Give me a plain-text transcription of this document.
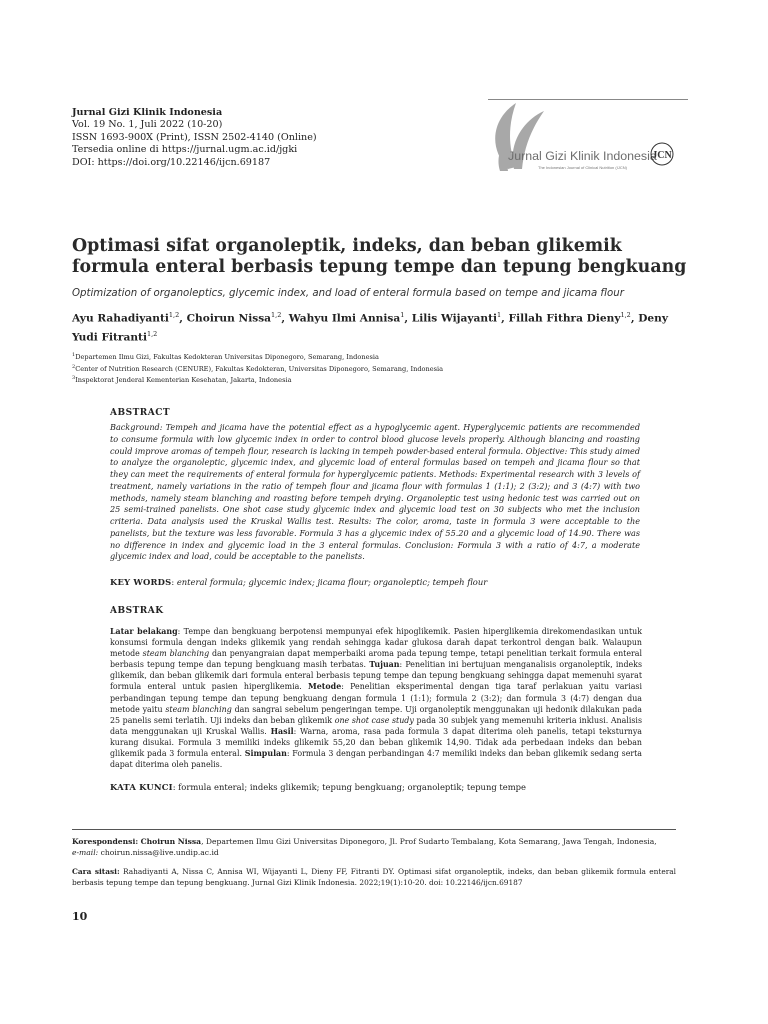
Jurnal Gizi Klinik Indonesia
Vol. 19 No. 1, Juli 2022 (10-20)
ISSN 1693-900X (Print), ISSN 2502-4140 (Online)
Tersedia online di https://jurnal.ugm.ac.id/jgki
DOI: https://doi.org/10.22146/ijcn.69187	Jurnal Gizi Klinik Indonesia
The Indonesian Journal of Clinical Nutrition (IJCN)
JCN
Optimasi sifat organoleptik, indeks, dan beban glikemik formula enteral berbasis tepung tempe dan tepung bengkuang
Optimization of organoleptics, glycemic index, and load of enteral formula based on tempe and jicama flour
Ayu Rahadiyanti$^{1,2}$, Choirun Nissa$^{1,2}$, Wahyu Ilmi Annisa$^1$, Lilis Wijayanti$^1$, Fillah Fithra Dieny$^{1,2}$, Deny Yudi Fitranti$^{1,2}$
$^1$Departemen Ilmu Gizi, Fakultas Kedokteran Universitas Diponegoro, Semarang, Indonesia
$^2$Center of Nutrition Research (CENURE), Fakultas Kedokteran, Universitas Diponegoro, Semarang, Indonesia
$^3$Inspektorat Jenderal Kementerian Kesehatan, Jakarta, Indonesia
ABSTRACT
Background: Tempeh and jicama have the potential effect as a hypoglycemic agent. Hyperglycemic patients are recommended to consume formula with low glycemic index in order to control blood glucose levels properly. Although blancing and roasting could improve aromas of tempeh flour, research is lacking in tempeh powder-based enteral formula. Objective: This study aimed to analyze the organoleptic, glycemic index, and glycemic load of enteral formulas based on tempeh and jicama flour so that they can meet the requirements of enteral formula for hyperglycemic patients. Methods: Experimental research with 3 levels of treatment, namely variations in the ratio of tempeh flour and jicama flour with formulas 1 (1:1); 2 (3:2); and 3 (4:7) with two methods, namely steam blanching and roasting before tempeh drying. Organoleptic test using hedonic test was carried out on 25 semi-trained panelists. One shot case study glycemic index and glycemic load test on 30 subjects who met the inclusion criteria. Data analysis used the Kruskal Wallis test. Results: The color, aroma, taste in formula 3 were acceptable to the panelists, but the texture was less favorable. Formula 3 has a glycemic index of 55.20 and a glycemic load of 14.90. There was no difference in index and glycemic load in the 3 enteral formulas. Conclusion: Formula 3 with a ratio of 4:7, a moderate glycemic index and load, could be acceptable to the panelists.
KEY WORDS: enteral formula; glycemic index; jicama flour; organoleptic; tempeh flour
ABSTRAK
Latar belakang: Tempe dan bengkuang berpotensi mempunyai efek hipoglikemik. Pasien hiperglikemia direkomendasikan untuk konsumsi formula dengan indeks glikemik yang rendah sehingga kadar glukosa darah dapat terkontrol dengan baik. Walaupun metode steam blanching dan penyangraian dapat memperbaiki aroma pada tepung tempe, tetapi penelitian terkait formula enteral berbasis tepung tempe dan tepung bengkuang masih terbatas. Tujuan: Penelitian ini bertujuan menganalisis organoleptik, indeks glikemik, dan beban glikemik dari formula enteral berbasis tepung tempe dan tepung bengkuang sehingga dapat memenuhi syarat formula enteral untuk pasien hiperglikemia. Metode: Penelitian eksperimental dengan tiga taraf perlakuan yaitu variasi perbandingan tepung tempe dan tepung bengkuang dengan formula 1 (1:1); formula 2 (3:2); dan formula 3 (4:7) dengan dua metode yaitu steam blanching dan sangrai sebelum pengeringan tempe. Uji organoleptik menggunakan uji hedonik dilakukan pada 25 panelis semi terlatih. Uji indeks dan beban glikemik one shot case study pada 30 subjek yang memenuhi kriteria inklusi. Analisis data menggunakan uji Kruskal Wallis. Hasil: Warna, aroma, rasa pada formula 3 dapat diterima oleh panelis, tetapi teksturnya kurang disukai. Formula 3 memiliki indeks glikemik 55,20 dan beban glikemik 14,90. Tidak ada perbedaan indeks dan beban glikemik pada 3 formula enteral. Simpulan: Formula 3 dengan perbandingan 4:7 memiliki indeks dan beban glikemik sedang serta dapat diterima oleh panelis.
KATA KUNCI: formula enteral; indeks glikemik; tepung bengkuang; organoleptik; tepung tempe
Korespondensi: Choirun Nissa, Departemen Ilmu Gizi Universitas Diponegoro, Jl. Prof Sudarto Tembalang, Kota Semarang, Jawa Tengah, Indonesia,
e-mail: choirun.nissa@live.undip.ac.id
Cara sitasi: Rahadiyanti A, Nissa C, Annisa WI, Wijayanti L, Dieny FF, Fitranti DY. Optimasi sifat organoleptik, indeks, dan beban glikemik formula enteral berbasis tepung tempe dan tepung bengkuang. Jurnal Gizi Klinik Indonesia. 2022;19(1):10-20. doi: 10.22146/ijcn.69187
10
